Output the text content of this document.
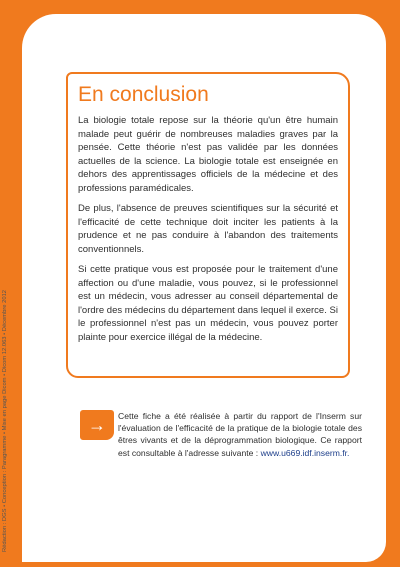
Rédaction : DGS • Conception : Paragramme • Mise en page Dicom • Dicom 12.063 • Décembre 2012
En conclusion

La biologie totale repose sur la théorie qu'un être humain malade peut guérir de nombreuses maladies graves par la pensée. Cette théorie n'est pas validée par les données actuelles de la science. La biologie totale est enseignée en dehors des apprentissages officiels de la médecine et des professions paramédicales.

De plus, l'absence de preuves scientifiques sur la sécurité et l'efficacité de cette technique doit inciter les patients à la prudence et ne pas conduire à l'abandon des traitements conventionnels.

Si cette pratique vous est proposée pour le traitement d'une affection ou d'une maladie, vous pouvez, si le professionnel est un médecin, vous adresser au conseil départemental de l'ordre des médecins du département dans lequel il exerce. Si le professionnel n'est pas un médecin, vous pouvez porter plainte pour exercice illégal de la médecine.

→	Cette fiche a été réalisée à partir du rapport de l'Inserm sur l'évaluation de l'efficacité de la pratique de la biologie totale des êtres vivants et de la déprogrammation biologique. Ce rapport est consultable à l'adresse suivante : www.u669.idf.inserm.fr.
